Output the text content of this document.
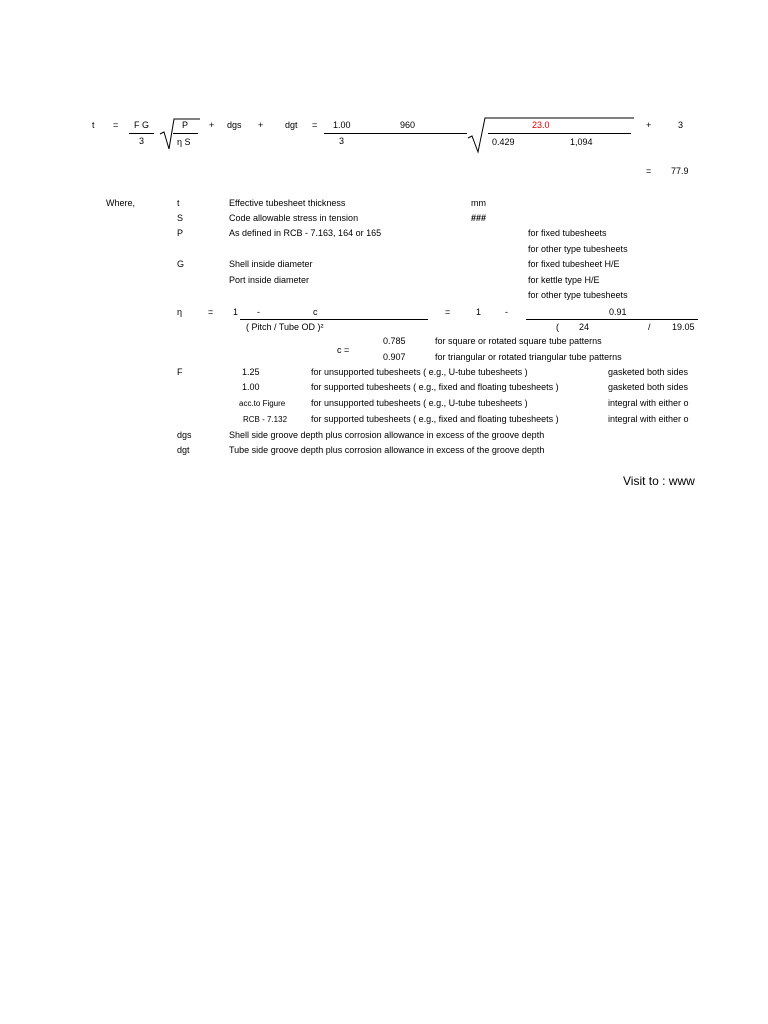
t = F G
3
P
η S
+ dgs + dgt = 1.00	960
3
23.0
0.429	1,094
+	3
= 77.9
Where,	t	Effective tubesheet thickness	mm
S	Code allowable stress in tension	###
P	As defined in RCB - 7.163, 164 or 165	for fixed tubesheets
for other type tubesheets
G	Shell inside diameter	for fixed tubesheet H/E
Port inside diameter	for kettle type H/E
for other type tubesheets
η	= 1 -	c
( Pitch / Tube OD )²
=	1	-	0.91
( 24	/ 19.05
c =
0.785	for square or rotated square tube patterns
0.907	for triangular or rotated triangular tube patterns
F	1.25	for unsupported tubesheets ( e.g., U-tube tubesheets )	gasketed both sides
1.00	for supported tubesheets ( e.g., fixed and floating tubesheets )	gasketed both sides
acc.to Figure	for unsupported tubesheets ( e.g., U-tube tubesheets )	integral with either o
RCB - 7.132	for supported tubesheets ( e.g., fixed and floating tubesheets )	integral with either o
dgs	Shell side groove depth plus corrosion allowance in excess of the groove depth
dgt	Tube side groove depth plus corrosion allowance in excess of the groove depth
Visit to : www
